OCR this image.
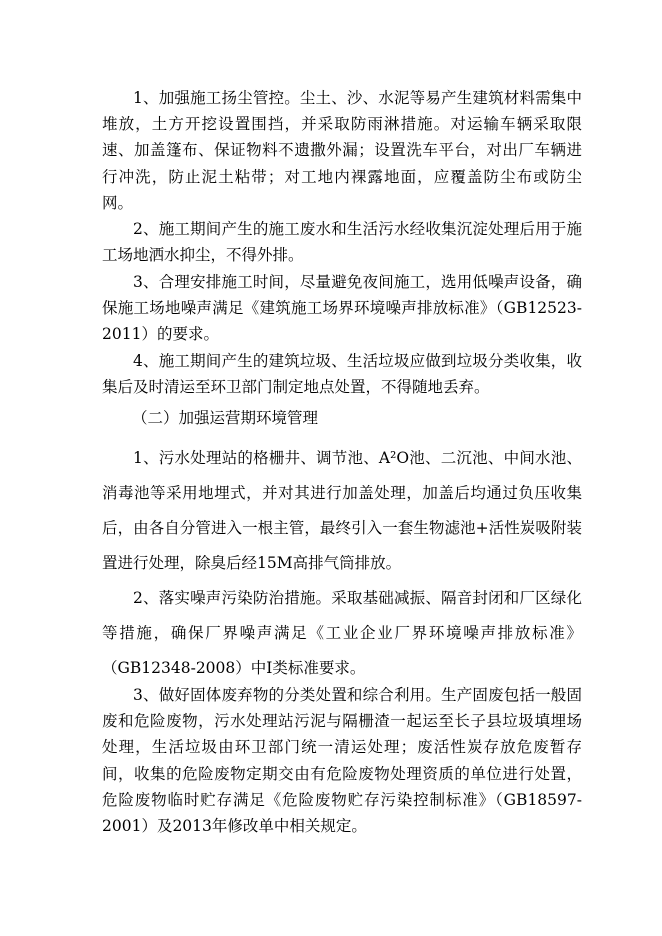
1、加强施工扬尘管控。尘土、沙、水泥等易产生建筑材料需集中堆放，土方开挖设置围挡，并采取防雨淋措施。对运输车辆采取限速、加盖篷布、保证物料不遗撒外漏；设置洗车平台，对出厂车辆进行冲洗，防止泥土粘带；对工地内裸露地面，应覆盖防尘布或防尘网。

2、施工期间产生的施工废水和生活污水经收集沉淀处理后用于施工场地洒水抑尘，不得外排。

3、合理安排施工时间，尽量避免夜间施工，选用低噪声设备，确保施工场地噪声满足《建筑施工场界环境噪声排放标准》（GB12523-2011）的要求。

4、施工期间产生的建筑垃圾、生活垃圾应做到垃圾分类收集，收集后及时清运至环卫部门制定地点处置，不得随地丢弃。

（二）加强运营期环境管理

1、污水处理站的格栅井、调节池、A²O池、二沉池、中间水池、消毒池等采用地埋式，并对其进行加盖处理，加盖后均通过负压收集后，由各自分管进入一根主管，最终引入一套生物滤池+活性炭吸附装置进行处理，除臭后经15M高排气筒排放。

2、落实噪声污染防治措施。采取基础减振、隔音封闭和厂区绿化等措施，确保厂界噪声满足《工业企业厂界环境噪声排放标准》（GB12348-2008）中I类标准要求。

3、做好固体废弃物的分类处置和综合利用。生产固废包括一般固废和危险废物，污水处理站污泥与隔栅渣一起运至长子县垃圾填埋场处理，生活垃圾由环卫部门统一清运处理；废活性炭存放危废暂存间，收集的危险废物定期交由有危险废物处理资质的单位进行处置，危险废物临时贮存满足《危险废物贮存污染控制标准》（GB18597-2001）及2013年修改单中相关规定。
